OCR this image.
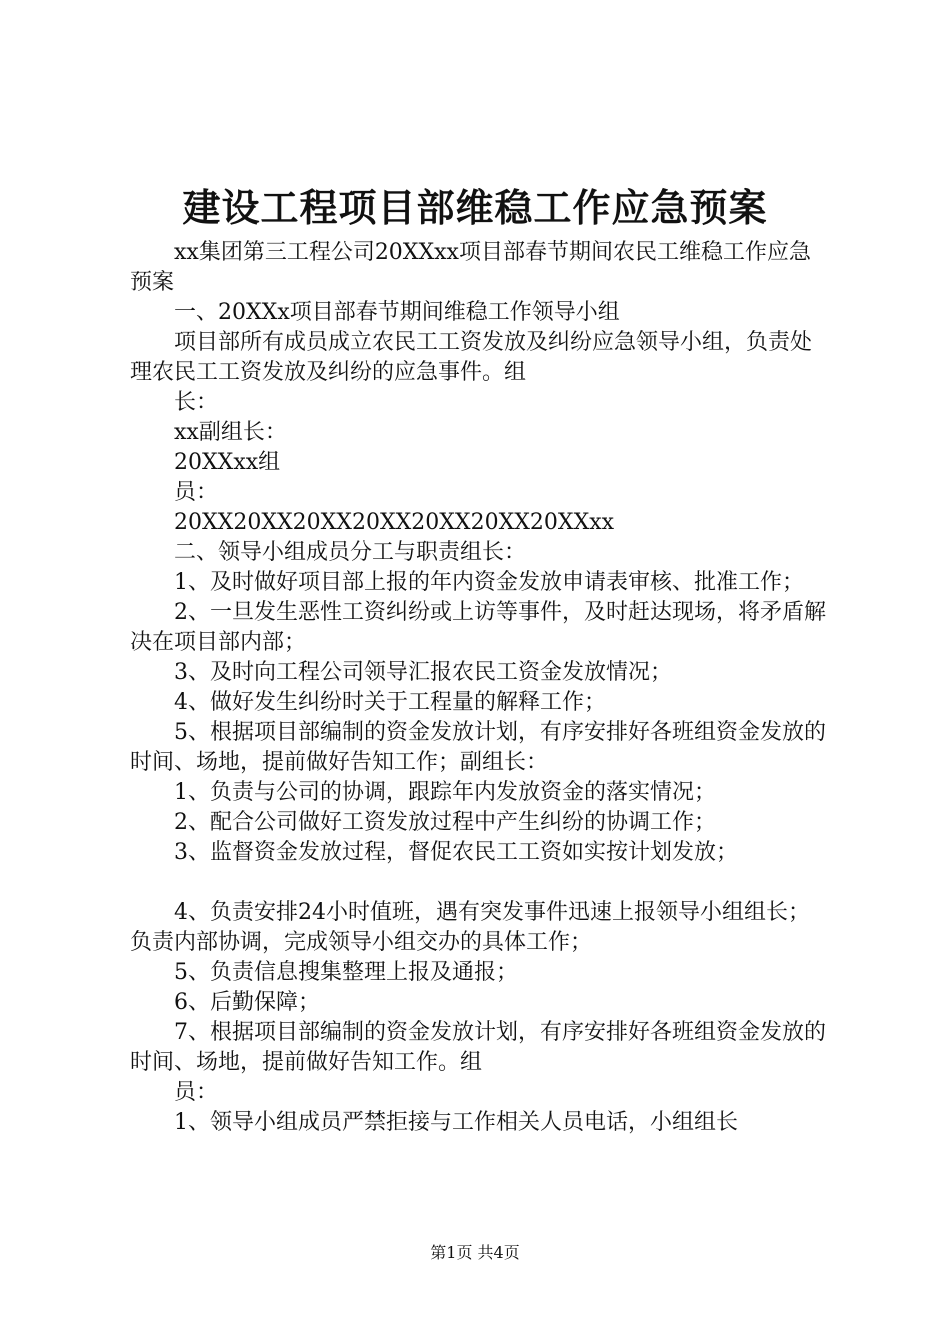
建设工程项目部维稳工作应急预案

xx集团第三工程公司20XXxx项目部春节期间农民工维稳工作应急预案

一、20XXx项目部春节期间维稳工作领导小组

项目部所有成员成立农民工工资发放及纠纷应急领导小组，负责处理农民工工资发放及纠纷的应急事件。组

长：

xx副组长：

20XXxx组

员：

20XX20XX20XX20XX20XX20XX20XXxx

二、领导小组成员分工与职责组长：

1、及时做好项目部上报的年内资金发放申请表审核、批准工作；

2、一旦发生恶性工资纠纷或上访等事件，及时赶达现场，将矛盾解决在项目部内部；

3、及时向工程公司领导汇报农民工资金发放情况；

4、做好发生纠纷时关于工程量的解释工作；

5、根据项目部编制的资金发放计划，有序安排好各班组资金发放的时间、场地，提前做好告知工作；副组长：

1、负责与公司的协调，跟踪年内发放资金的落实情况；

2、配合公司做好工资发放过程中产生纠纷的协调工作；

3、监督资金发放过程，督促农民工工资如实按计划发放；

4、负责安排24小时值班，遇有突发事件迅速上报领导小组组长；负责内部协调，完成领导小组交办的具体工作；

5、负责信息搜集整理上报及通报；

6、后勤保障；

7、根据项目部编制的资金发放计划，有序安排好各班组资金发放的时间、场地，提前做好告知工作。组

员：

1、领导小组成员严禁拒接与工作相关人员电话，小组组长

第1页 共4页
